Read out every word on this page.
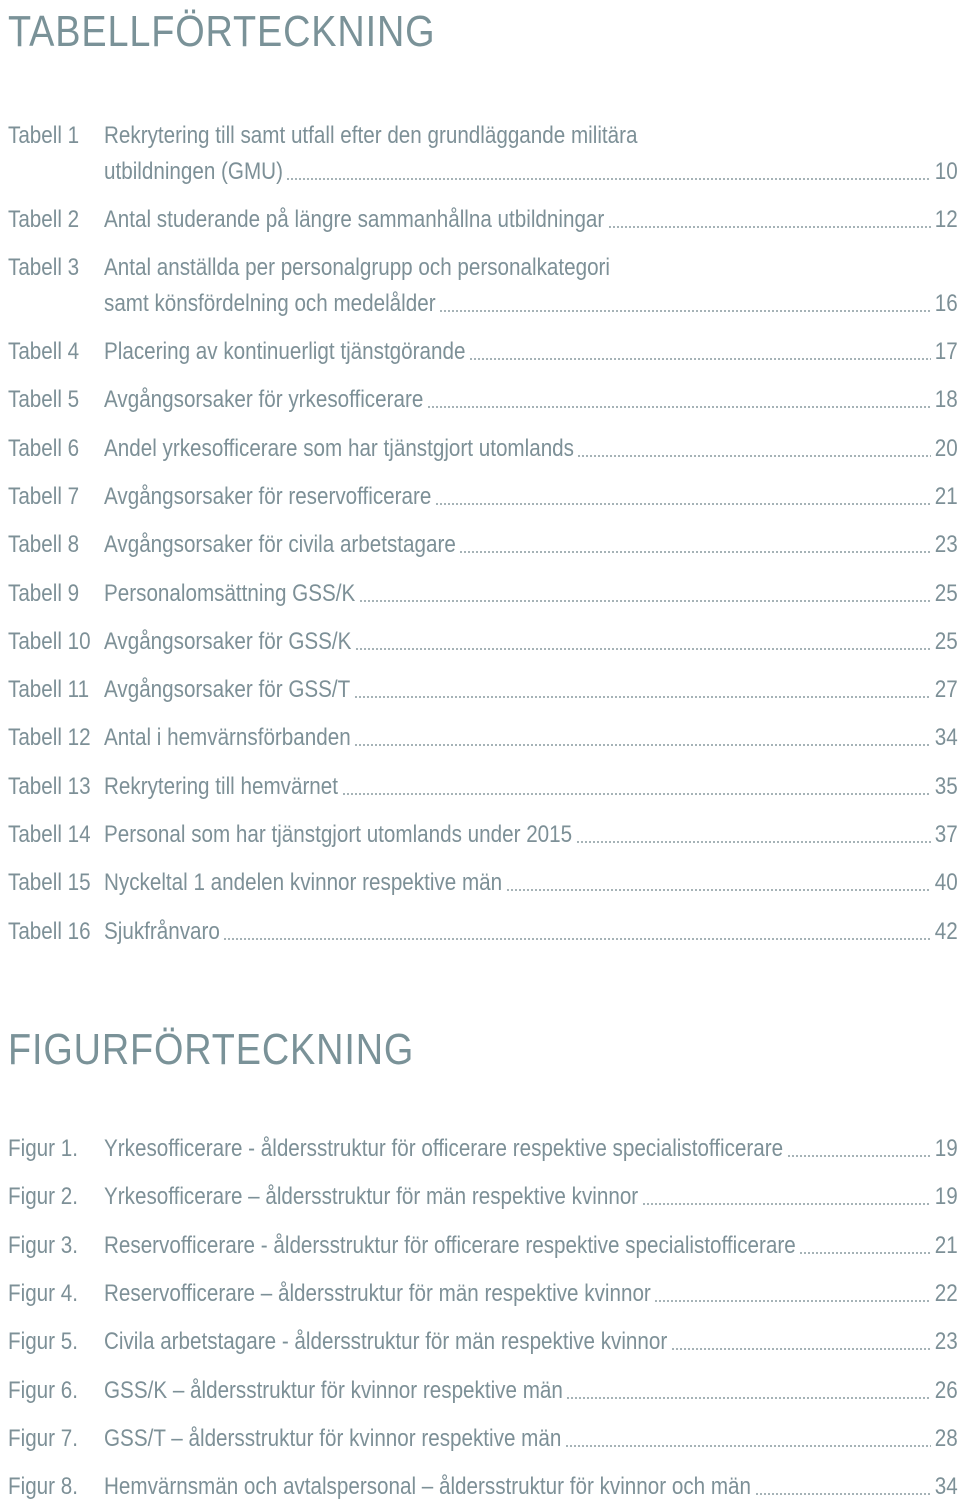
TABELLFÖRTECKNING
Tabell 1 Rekrytering till samt utfall efter den grundläggande militära
utbildningen (GMU)	10
Tabell 2 Antal studerande på längre sammanhållna utbildningar	12
Tabell 3 Antal anställda per personalgrupp och personalkategori
samt könsfördelning och medelålder	16
Tabell 4 Placering av kontinuerligt tjänstgörande	17
Tabell 5 Avgångsorsaker för yrkesofficerare	18
Tabell 6 Andel yrkesofficerare som har tjänstgjort utomlands	20
Tabell 7 Avgångsorsaker för reservofficerare	21
Tabell 8 Avgångsorsaker för civila arbetstagare	23
Tabell 9 Personalomsättning GSS/K	25
Tabell 10 Avgångsorsaker för GSS/K	25
Tabell 11 Avgångsorsaker för GSS/T	27
Tabell 12 Antal i hemvärnsförbanden	34
Tabell 13 Rekrytering till hemvärnet	35
Tabell 14 Personal som har tjänstgjort utomlands under 2015	37
Tabell 15 Nyckeltal 1 andelen kvinnor respektive män	40
Tabell 16 Sjukfrånvaro	42
FIGURFÖRTECKNING
Figur 1. Yrkesofficerare - åldersstruktur för officerare respektive specialistofficerare	19
Figur 2. Yrkesofficerare – åldersstruktur för män respektive kvinnor	19
Figur 3. Reservofficerare - åldersstruktur för officerare respektive specialistofficerare	21
Figur 4. Reservofficerare – åldersstruktur för män respektive kvinnor	22
Figur 5. Civila arbetstagare - åldersstruktur för män respektive kvinnor	23
Figur 6. GSS/K – åldersstruktur för kvinnor respektive män	26
Figur 7. GSS/T – åldersstruktur för kvinnor respektive män	28
Figur 8. Hemvärnsmän och avtalspersonal – åldersstruktur för kvinnor och män	34
